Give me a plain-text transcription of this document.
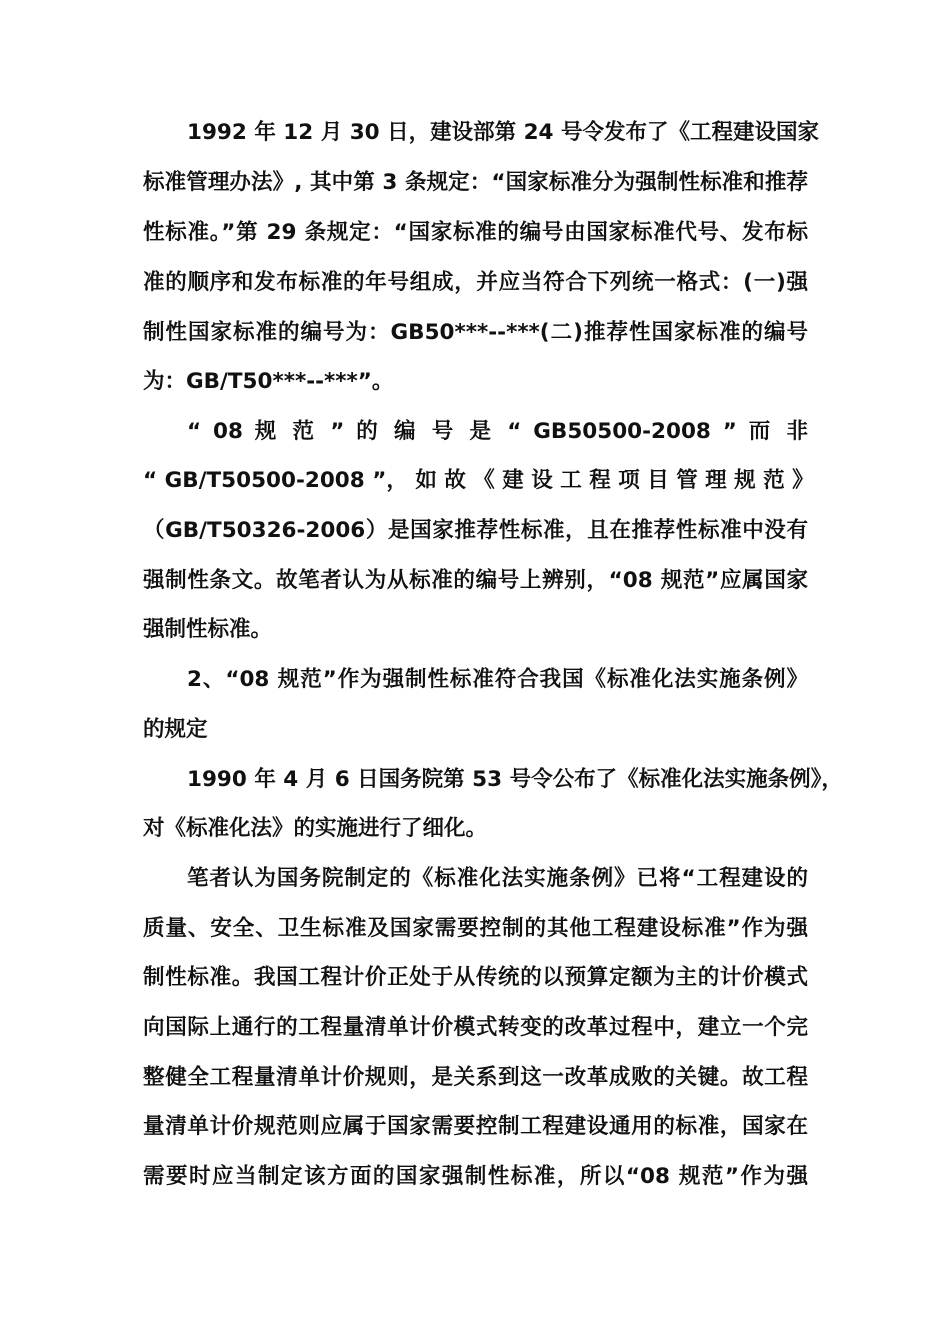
1992 年 12 月 30 日，建设部第 24 号令发布了《工程建设国家
标准管理办法》, 其中第 3 条规定：“国家标准分为强制性标准和推荐
性标准。”第 29 条规定：“国家标准的编号由国家标准代号、发布标
准的顺序和发布标准的年号组成，并应当符合下列统一格式：(一)强
制性国家标准的编号为：GB50***--***(二)推荐性国家标准的编号
为：GB/T50***--***”。
“ 08 规 范 ” 的 编 号 是 “ GB50500-2008 ” 而 非
“ GB/T50500-2008 ”， 如 故 《 建 设 工 程 项 目 管 理 规 范 》
（GB/T50326-2006）是国家推荐性标准，且在推荐性标准中没有
强制性条文。故笔者认为从标准的编号上辨别，“08 规范”应属国家
强制性标准。
2、“08 规范”作为强制性标准符合我国《标准化法实施条例》
的规定
1990 年 4 月 6 日国务院第 53 号令公布了《标准化法实施条例》，
对《标准化法》的实施进行了细化。
笔者认为国务院制定的《标准化法实施条例》已将“工程建设的
质量、安全、卫生标准及国家需要控制的其他工程建设标准”作为强
制性标准。我国工程计价正处于从传统的以预算定额为主的计价模式
向国际上通行的工程量清单计价模式转变的改革过程中，建立一个完
整健全工程量清单计价规则，是关系到这一改革成败的关键。故工程
量清单计价规范则应属于国家需要控制工程建设通用的标准，国家在
需要时应当制定该方面的国家强制性标准，所以“08 规范”作为强
